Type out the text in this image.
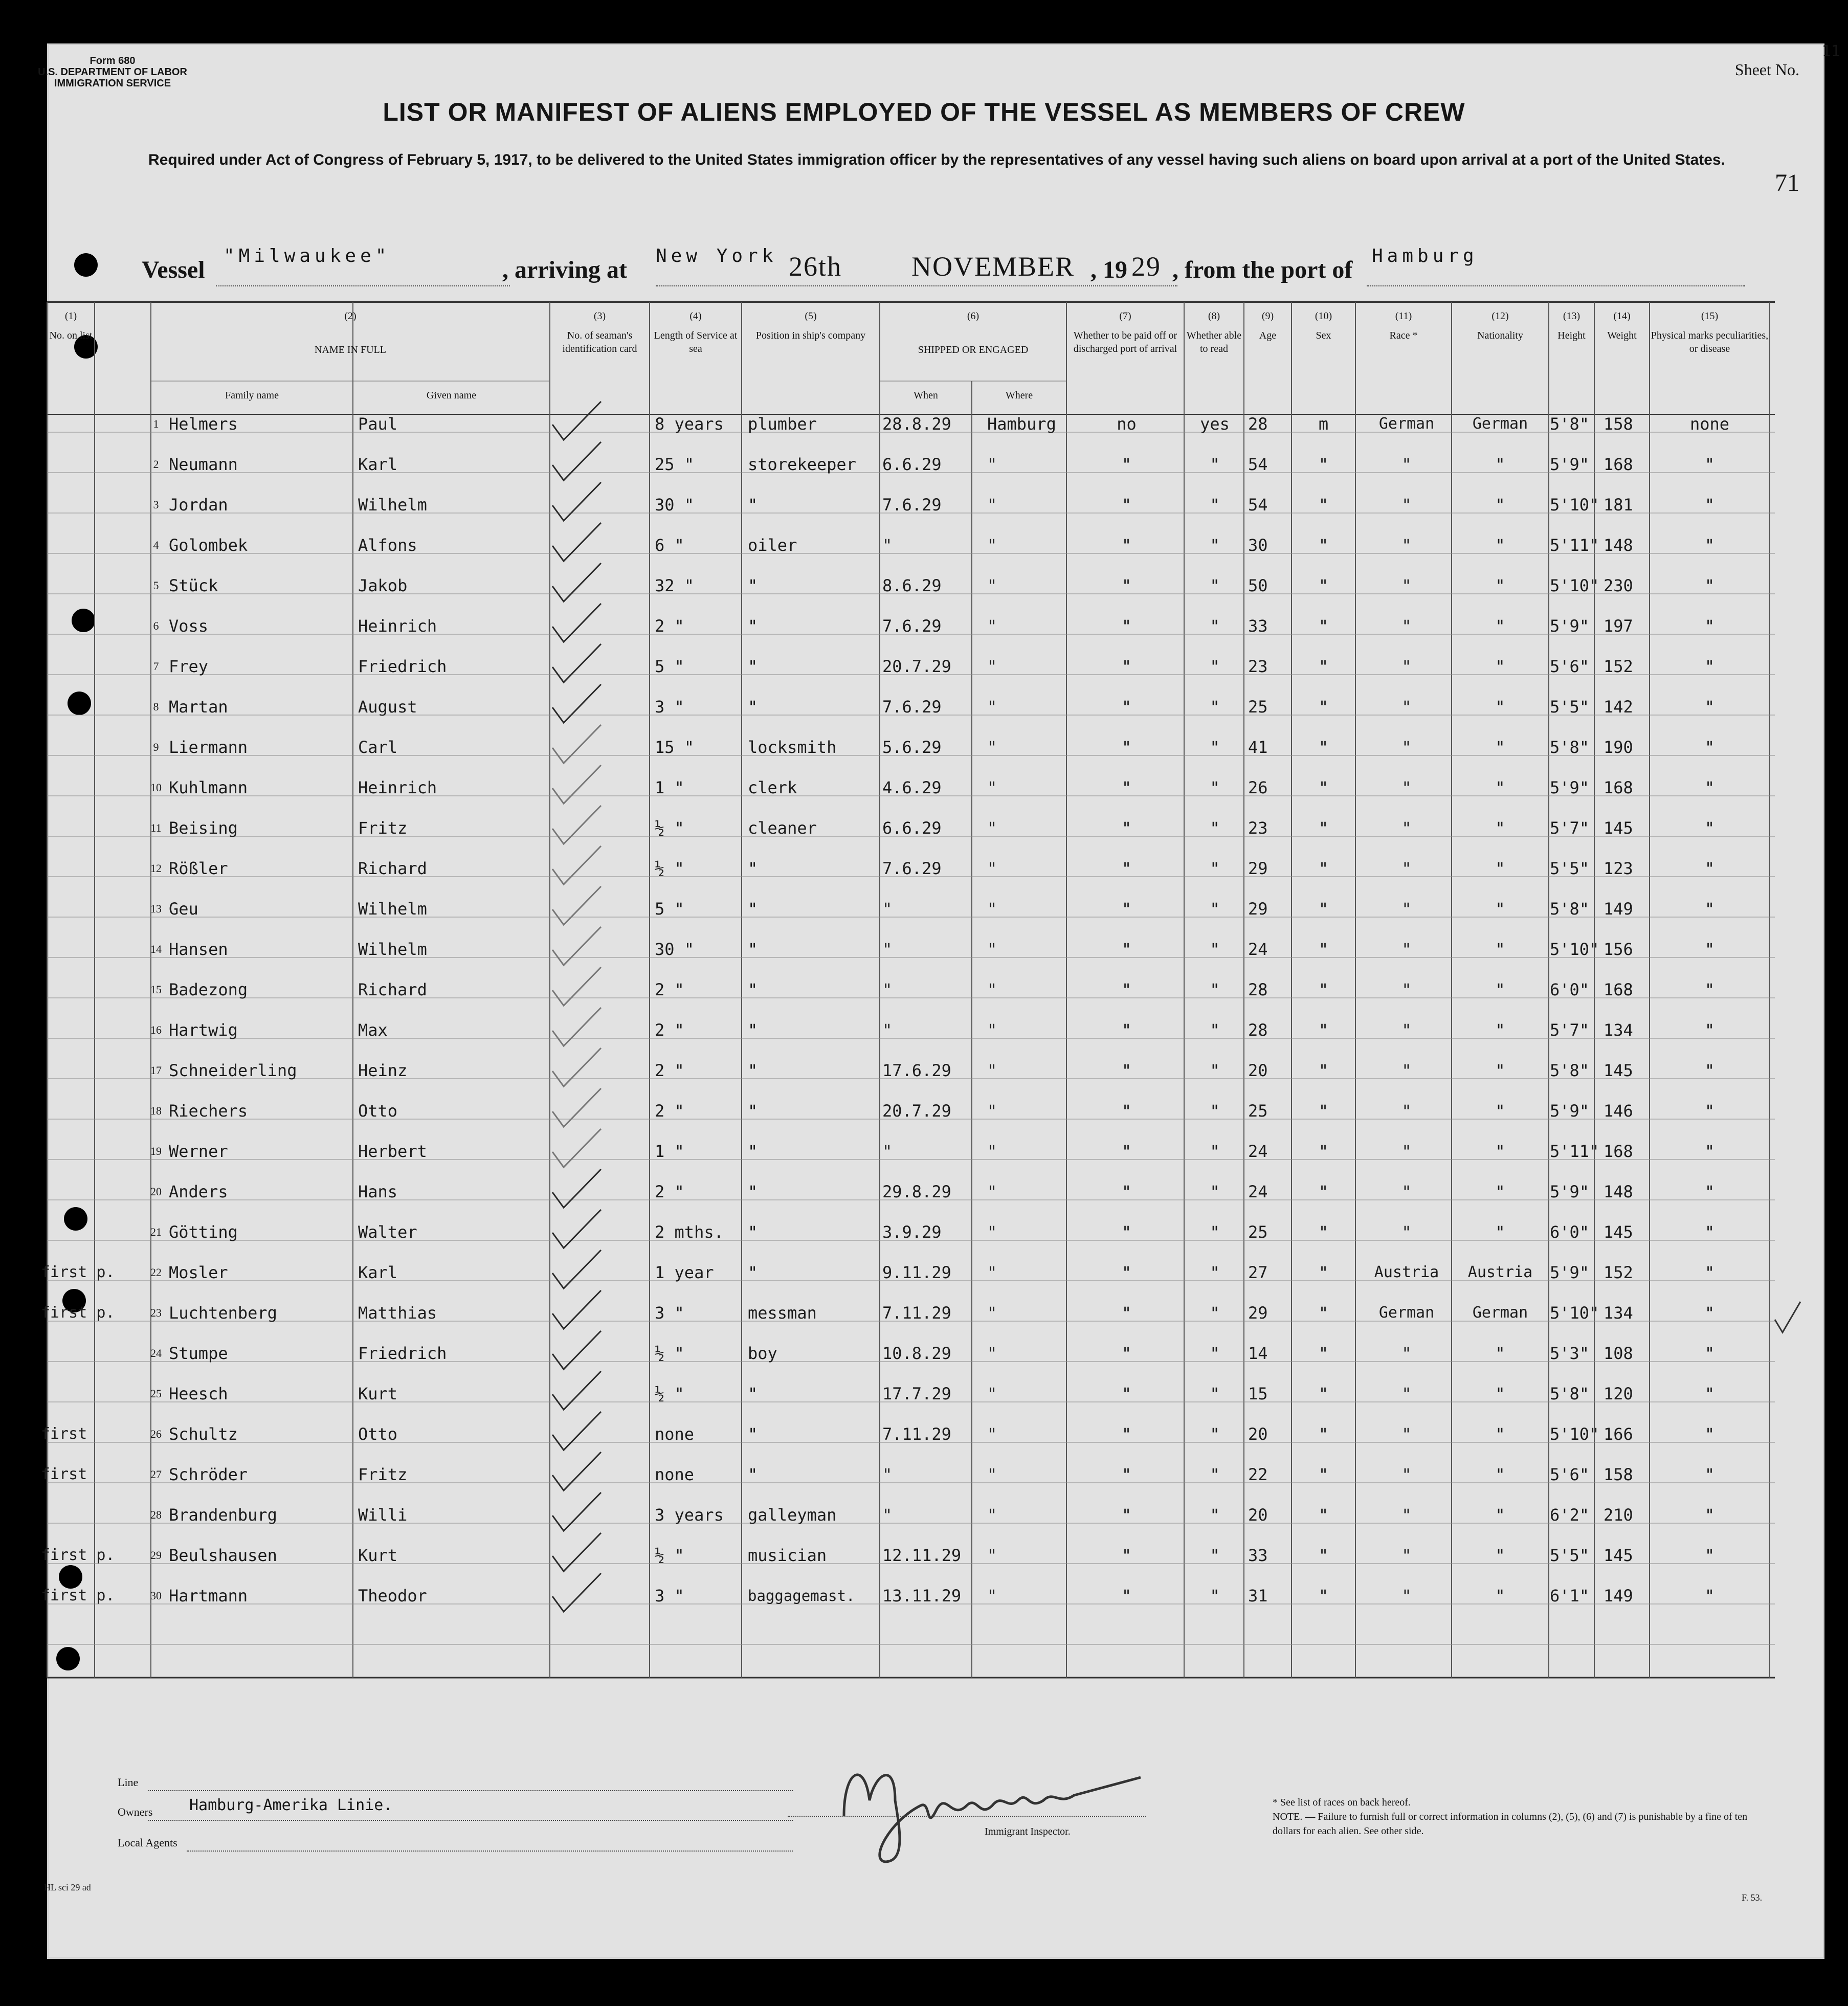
Form 680
U.S. DEPARTMENT OF LABOR
IMMIGRATION SERVICE
Sheet No.
11
71
LIST OR MANIFEST OF ALIENS EMPLOYED OF THE VESSEL AS MEMBERS OF CREW
Required under Act of Congress of February 5, 1917, to be delivered to the United States immigration officer by the representatives of any vessel having such aliens on board upon arrival at a port of the United States.
Vessel
"Milwaukee"
, arriving at
New York 26th	NOVEMBER , 19 29 , from the port of
Hamburg
(1)
No. on list
(2)
NAME IN FULL
Family name	Given name
(3)
No. of seaman's identification card
(4)
Length of Service at sea
(5)
Position in ship's company
(6)
SHIPPED OR ENGAGED
When	Where
(7)
Whether to be paid off or discharged port of arrival
(8)
Whether able to read
(9)
Age
(10)
Sex
(11)
Race *
(12)
Nationality
(13)
Height
(14)
Weight
(15)
Physical marks peculiarities, or disease
1 Helmers	Paul	8 years plumber	28.8.29 Hamburg	no	yes	28	m	German	German	5'8" 158	none
2 Neumann	Karl	25 "	storekeeper 6.6.29	"	"	"	54	"	"	"	5'9" 168	"
3 Jordan	Wilhelm	30 "	"	7.6.29	"	"	"	54	"	"	"	5'10" 181	"
4 Golombek	Alfons	6 "	oiler	"	"	"	"	30	"	"	"	5'11" 148	"
5 Stück	Jakob	32 "	"	8.6.29	"	"	"	50	"	"	"	5'10" 230	"
6 Voss	Heinrich	2 "	"	7.6.29	"	"	"	33	"	"	"	5'9" 197	"
7 Frey	Friedrich	5 "	"	20.7.29 "	"	"	23	"	"	"	5'6" 152	"
8 Martan	August	3 "	"	7.6.29	"	"	"	25	"	"	"	5'5" 142	"
9 Liermann	Carl	15 "	locksmith	5.6.29	"	"	"	41	"	"	"	5'8" 190	"
10 Kuhlmann	Heinrich	1 "	clerk	4.6.29	"	"	"	26	"	"	"	5'9" 168	"
11 Beising	Fritz	½ "	cleaner	6.6.29	"	"	"	23	"	"	"	5'7" 145	"
12 Rößler	Richard	½ "	"	7.6.29	"	"	"	29	"	"	"	5'5" 123	"
13 Geu	Wilhelm	5 "	"	"	"	"	"	29	"	"	"	5'8" 149	"
14 Hansen	Wilhelm	30 "	"	"	"	"	"	24	"	"	"	5'10" 156	"
15 Badezong	Richard	2 "	"	"	"	"	"	28	"	"	"	6'0" 168	"
16 Hartwig	Max	2 "	"	"	"	"	"	28	"	"	"	5'7" 134	"
17 Schneiderling	Heinz	2 "	"	17.6.29 "	"	"	20	"	"	"	5'8" 145	"
18 Riechers	Otto	2 "	"	20.7.29 "	"	"	25	"	"	"	5'9" 146	"
19 Werner	Herbert	1 "	"	"	"	"	"	24	"	"	"	5'11" 168	"
20 Anders	Hans	2 "	"	29.8.29 "	"	"	24	"	"	"	5'9" 148	"
21 Götting	Walter	2 mths. "	3.9.29	"	"	"	25	"	"	"	6'0" 145	"
22 Mosler	Karl	1 year "	9.11.29 "	"	"	27	"	Austria	Austria	5'9" 152	"
first p.
23 Luchtenberg	Matthias	3 "	messman	7.11.29 "	"	"	29	"	German	German	5'10" 134	"
first p.
24 Stumpe	Friedrich	½ "	boy	10.8.29 "	"	"	14	"	"	"	5'3" 108	"
25 Heesch	Kurt	½ "	"	17.7.29 "	"	"	15	"	"	"	5'8" 120	"
26 Schultz	Otto	none	"	7.11.29 "	"	"	20	"	"	"	5'10" 166	"
first
27 Schröder	Fritz	none	"	"	"	"	"	22	"	"	"	5'6" 158	"
first
28 Brandenburg	Willi	3 years galleyman	"	"	"	"	20	"	"	"	6'2" 210	"
29 Beulshausen	Kurt	½ "	musician	12.11.29 "	"	"	33	"	"	"	5'5" 145	"
first p.
30 Hartmann	Theodor	3 "	baggagemast. 13.11.29 "	"	"	31	"	"	"	6'1" 149	"
first p.
Line
Owners Hamburg-Amerika Linie.
Local Agents
Immigrant Inspector.
* See list of races on back hereof.
NOTE. — Failure to furnish full or correct information in columns (2), (5), (6) and (7) is punishable by a fine of ten dollars for each alien. See other side.
HL sci 29 ad
F. 53.
